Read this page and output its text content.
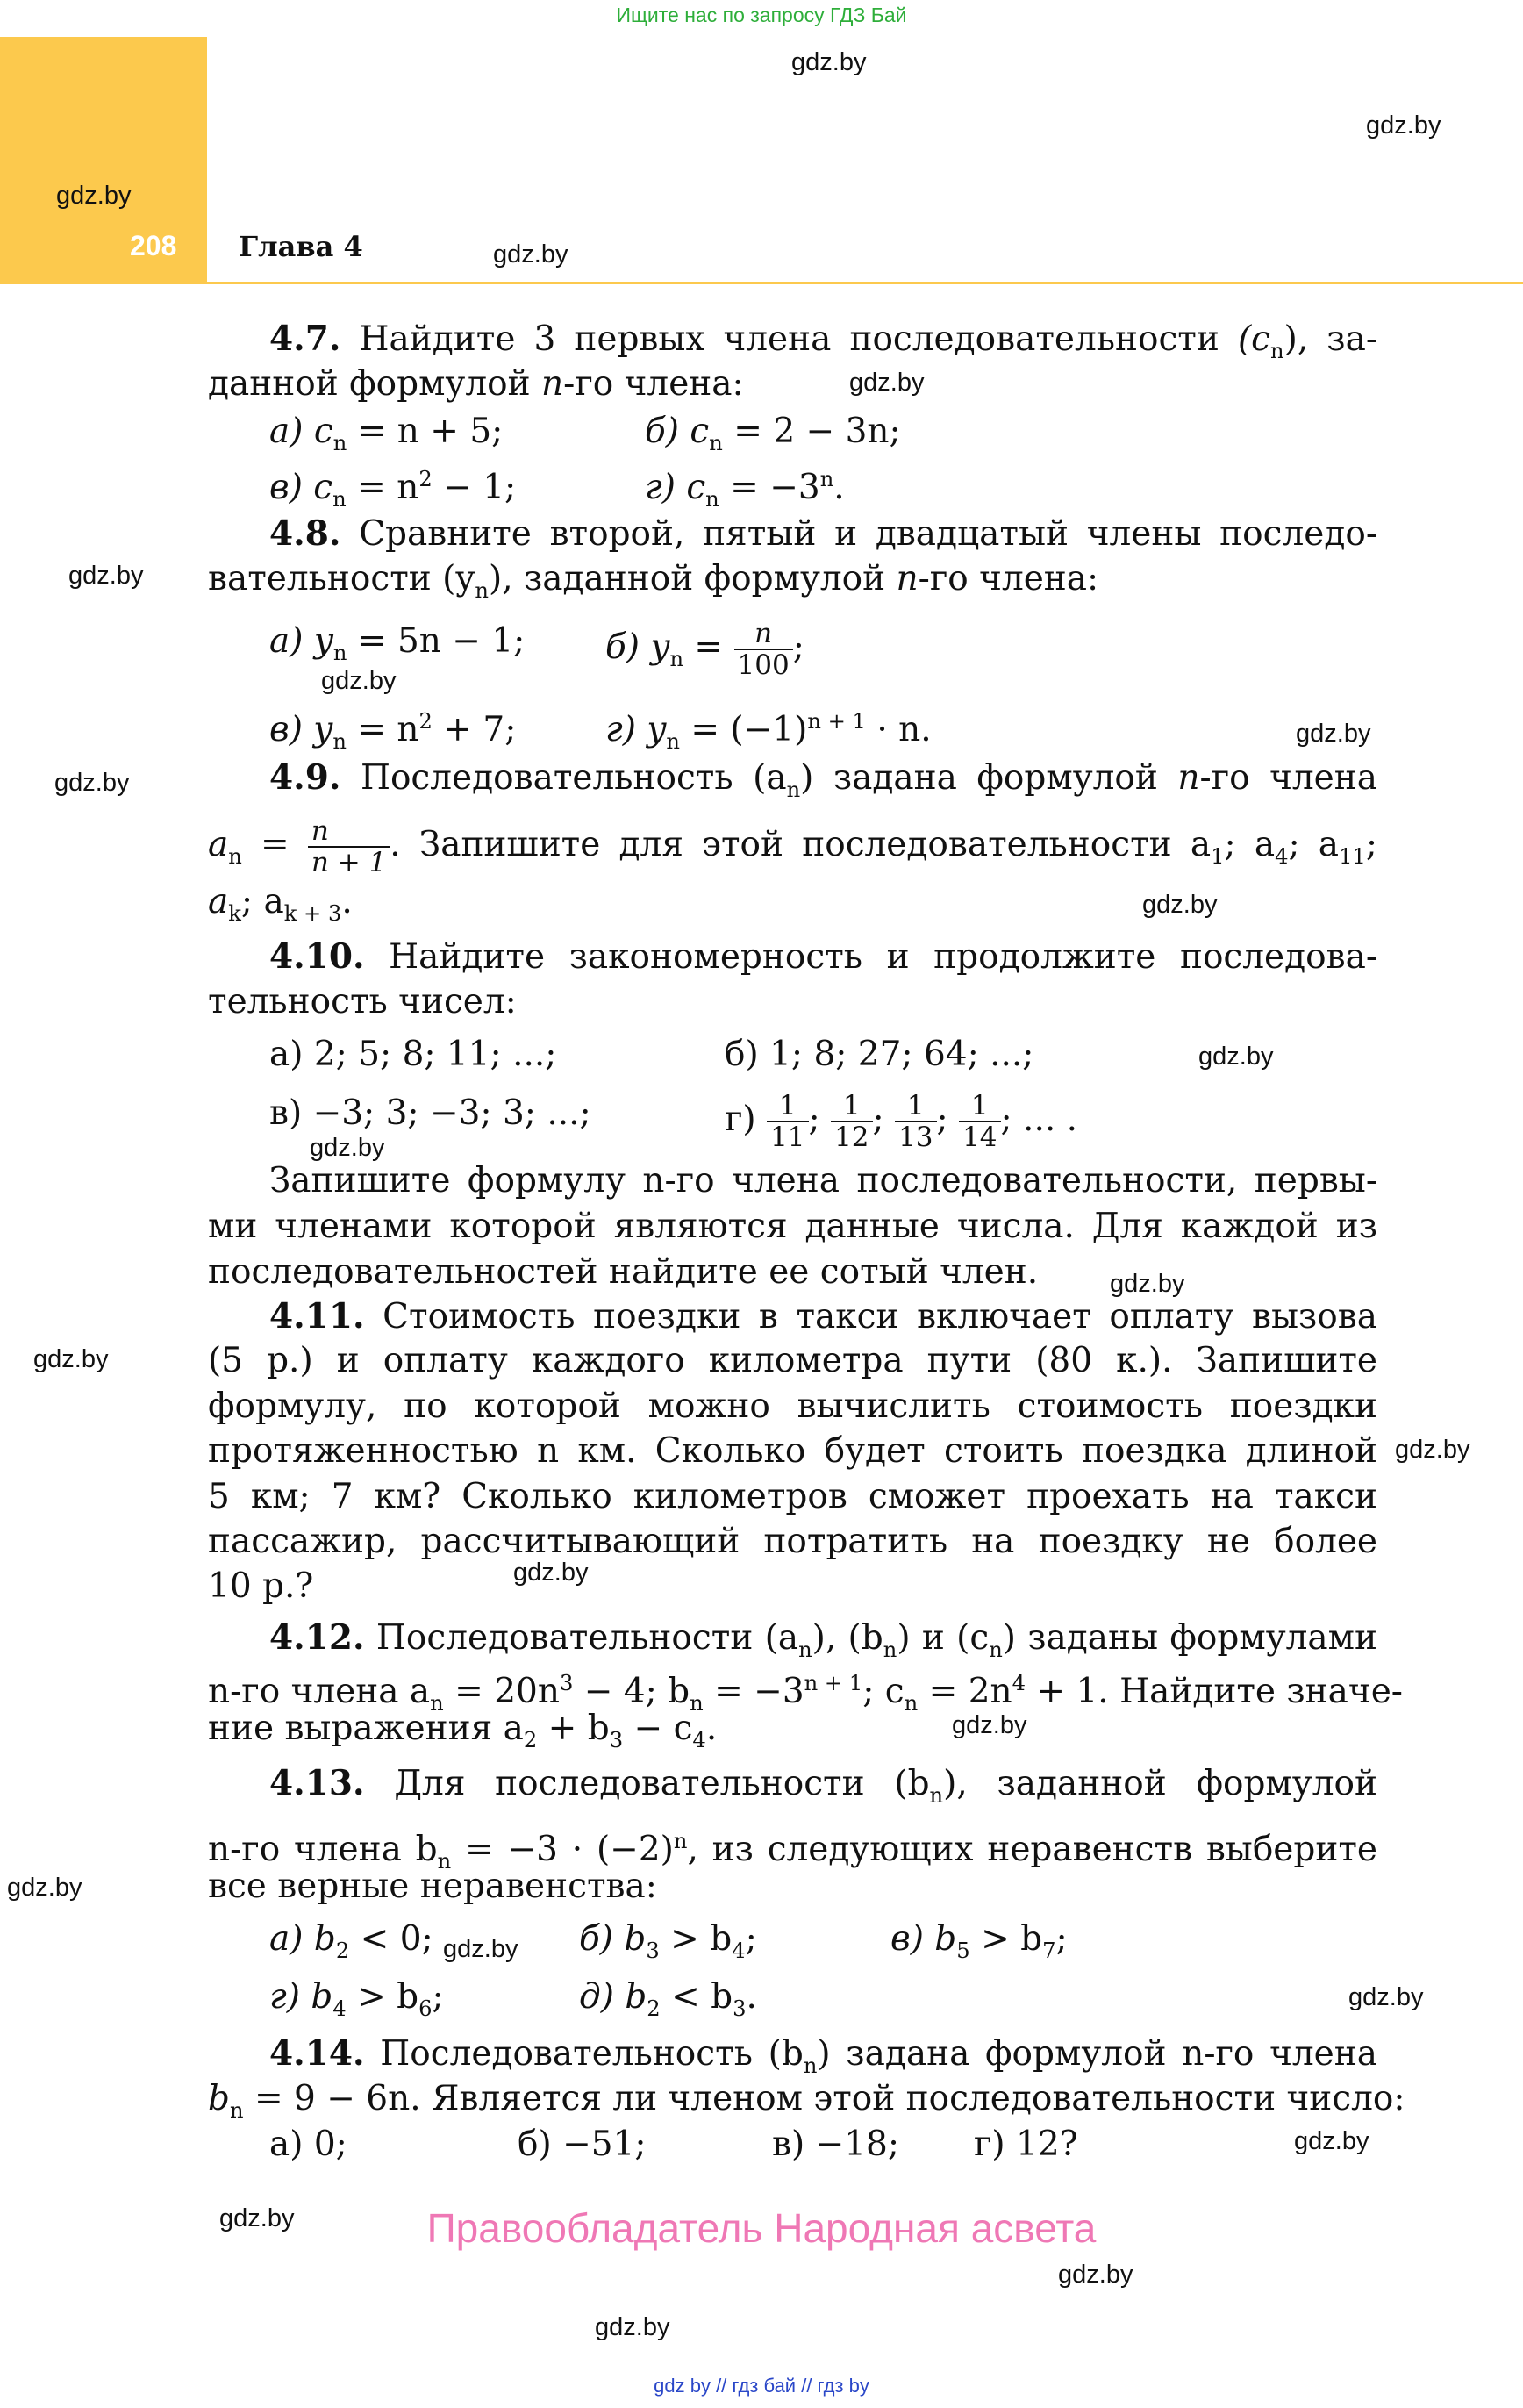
Ищите нас по запросу ГДЗ Бай
208 Глава 4
gdz.by
gdz.by
gdz.by
gdz.by
gdz.by
gdz.by
gdz.by
gdz.by
gdz.by
gdz.by
gdz.by
gdz.by
gdz.by
gdz.by
gdz.by
gdz.by
gdz.by
gdz.by
gdz.by
gdz.by
gdz.by
gdz.by
gdz.by
gdz.by
4.7. Найдите 3 первых члена последовательности $(c_n)$, за-
данной формулой n-го члена:
а) $c_n = n + 5$;	б) $c_n = 2 - 3n$;
в) $c_n = n^2 - 1$;	г) $c_n = -3^n$.
4.8. Сравните второй, пятый и двадцатый члены последо-
вательности $(y_n)$, заданной формулой n-го члена:
а) $y_n = 5n - 1$; б) $y_n = \frac{n}{100}$ ;
в) $y_n = n^2 + 7$;	г) $y_n = (-1)^{n + 1} \cdot n$.
4.9. Последовательность $(a_n)$ задана формулой n-го члена
$a_n = \frac{n}{n + 1}$ . Запишите для этой последовательности $a_1$; $a_4$; $a_{11}$;
$a_k$; $a_{k + 3}$.
4.10. Найдите закономерность и продолжите последова-
тельность чисел:
а) 2; 5; 8; 11; ...;	б) 1; 8; 27; 64; ...;
в) −3; 3; −3; 3; ...;	$г) \frac{1}{11}$ ; $\frac{1}{12}$ ; $\frac{1}{13}$ ; $\frac{1}{14}$ ; ... .
Запишите формулу n-го члена последовательности, первы-
ми членами которой являются данные числа. Для каждой из
последовательностей найдите ее сотый член.
4.11. Стоимость поездки в такси включает оплату вызова
(5 р.) и оплату каждого километра пути (80 к.). Запишите
формулу, по которой можно вычислить стоимость поездки
протяженностью n км. Сколько будет стоить поездка длиной
5 км; 7 км? Сколько километров сможет проехать на такси
пассажир, рассчитывающий потратить на поездку не более
10 р.?
4.12. Последовательности $(a_n)$, $(b_n)$ и $(c_n)$ заданы формулами
n-го члена $a_n = 20n^3 - 4$; $b_n = -3^{n + 1}$; $c_n = 2n^4 + 1$. Найдите значе-
ние выражения $a_2 + b_3 - c_4$.
4.13. Для последовательности $(b_n)$, заданной формулой
n-го члена $b_n = -3 \cdot (-2)^n$, из следующих неравенств выберите
все верные неравенства:
а) $b_2 < 0$;	б) $b_3 > b_4$;	в) $b_5 > b_7$;
г) $b_4 > b_6$;	д) $b_2 < b_3$.
4.14. Последовательность $(b_n)$ задана формулой n-го члена
$b_n = 9 - 6n$. Является ли членом этой последовательности число:
а) 0;	б) −51;	в) −18; г) 12?
Правообладатель Народная асвета
gdz by // гдз бай // гдз by
